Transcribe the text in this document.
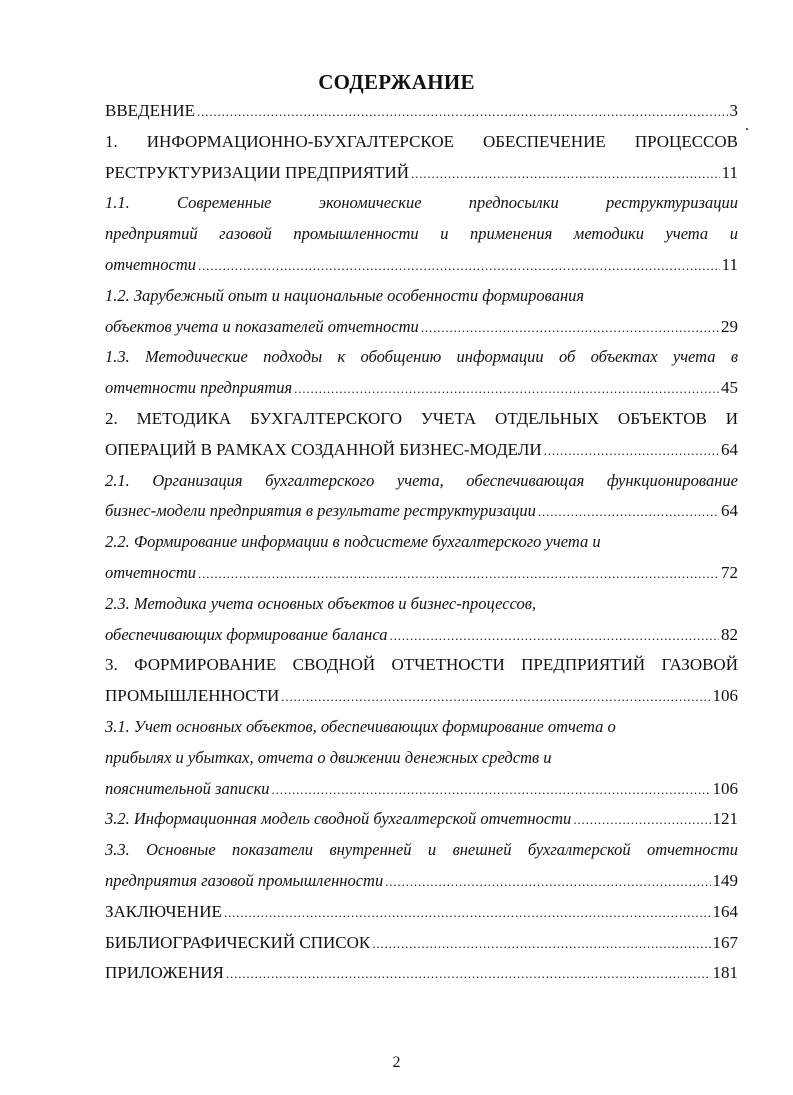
СОДЕРЖАНИЕ
ВВЕДЕНИЕ . . .	3
1. ИНФОРМАЦИОННО-БУХГАЛТЕРСКОЕ ОБЕСПЕЧЕНИЕ ПРОЦЕССОВ
РЕСТРУКТУРИЗАЦИИ ПРЕДПРИЯТИЙ . . .	11
1.1. Современные экономические предпосылки реструктуризации
предприятий газовой промышленности и применения методики учета и
отчетности . . .	11
1.2. Зарубежный опыт и национальные особенности формирования
объектов учета и показателей отчетности . . .	29
1.3. Методические подходы к обобщению информации об объектах учета в
отчетности предприятия . . .	45
2. МЕТОДИКА БУХГАЛТЕРСКОГО УЧЕТА ОТДЕЛЬНЫХ ОБЪЕКТОВ И
ОПЕРАЦИЙ В РАМКАХ СОЗДАННОЙ БИЗНЕС-МОДЕЛИ . . .	64
2.1. Организация бухгалтерского учета, обеспечивающая функционирование
бизнес-модели предприятия в результате реструктуризации . . .	64
2.2. Формирование информации в подсистеме бухгалтерского учета и
отчетности . . .	72
2.3. Методика учета основных объектов и бизнес-процессов,
обеспечивающих формирование баланса . . .	82
3. ФОРМИРОВАНИЕ СВОДНОЙ ОТЧЕТНОСТИ ПРЕДПРИЯТИЙ ГАЗОВОЙ
ПРОМЫШЛЕННОСТИ . . .	106
3.1. Учет основных объектов, обеспечивающих формирование отчета о
прибылях и убытках, отчета о движении денежных средств и
пояснительной записки . . .	106
3.2. Информационная модель сводной бухгалтерской отчетности . . .	121
3.3. Основные показатели внутренней и внешней бухгалтерской отчетности
предприятия газовой промышленности . . .	149
ЗАКЛЮЧЕНИЕ . . .	164
БИБЛИОГРАФИЧЕСКИЙ СПИСОК . . .	167
ПРИЛОЖЕНИЯ . . .	181
2
